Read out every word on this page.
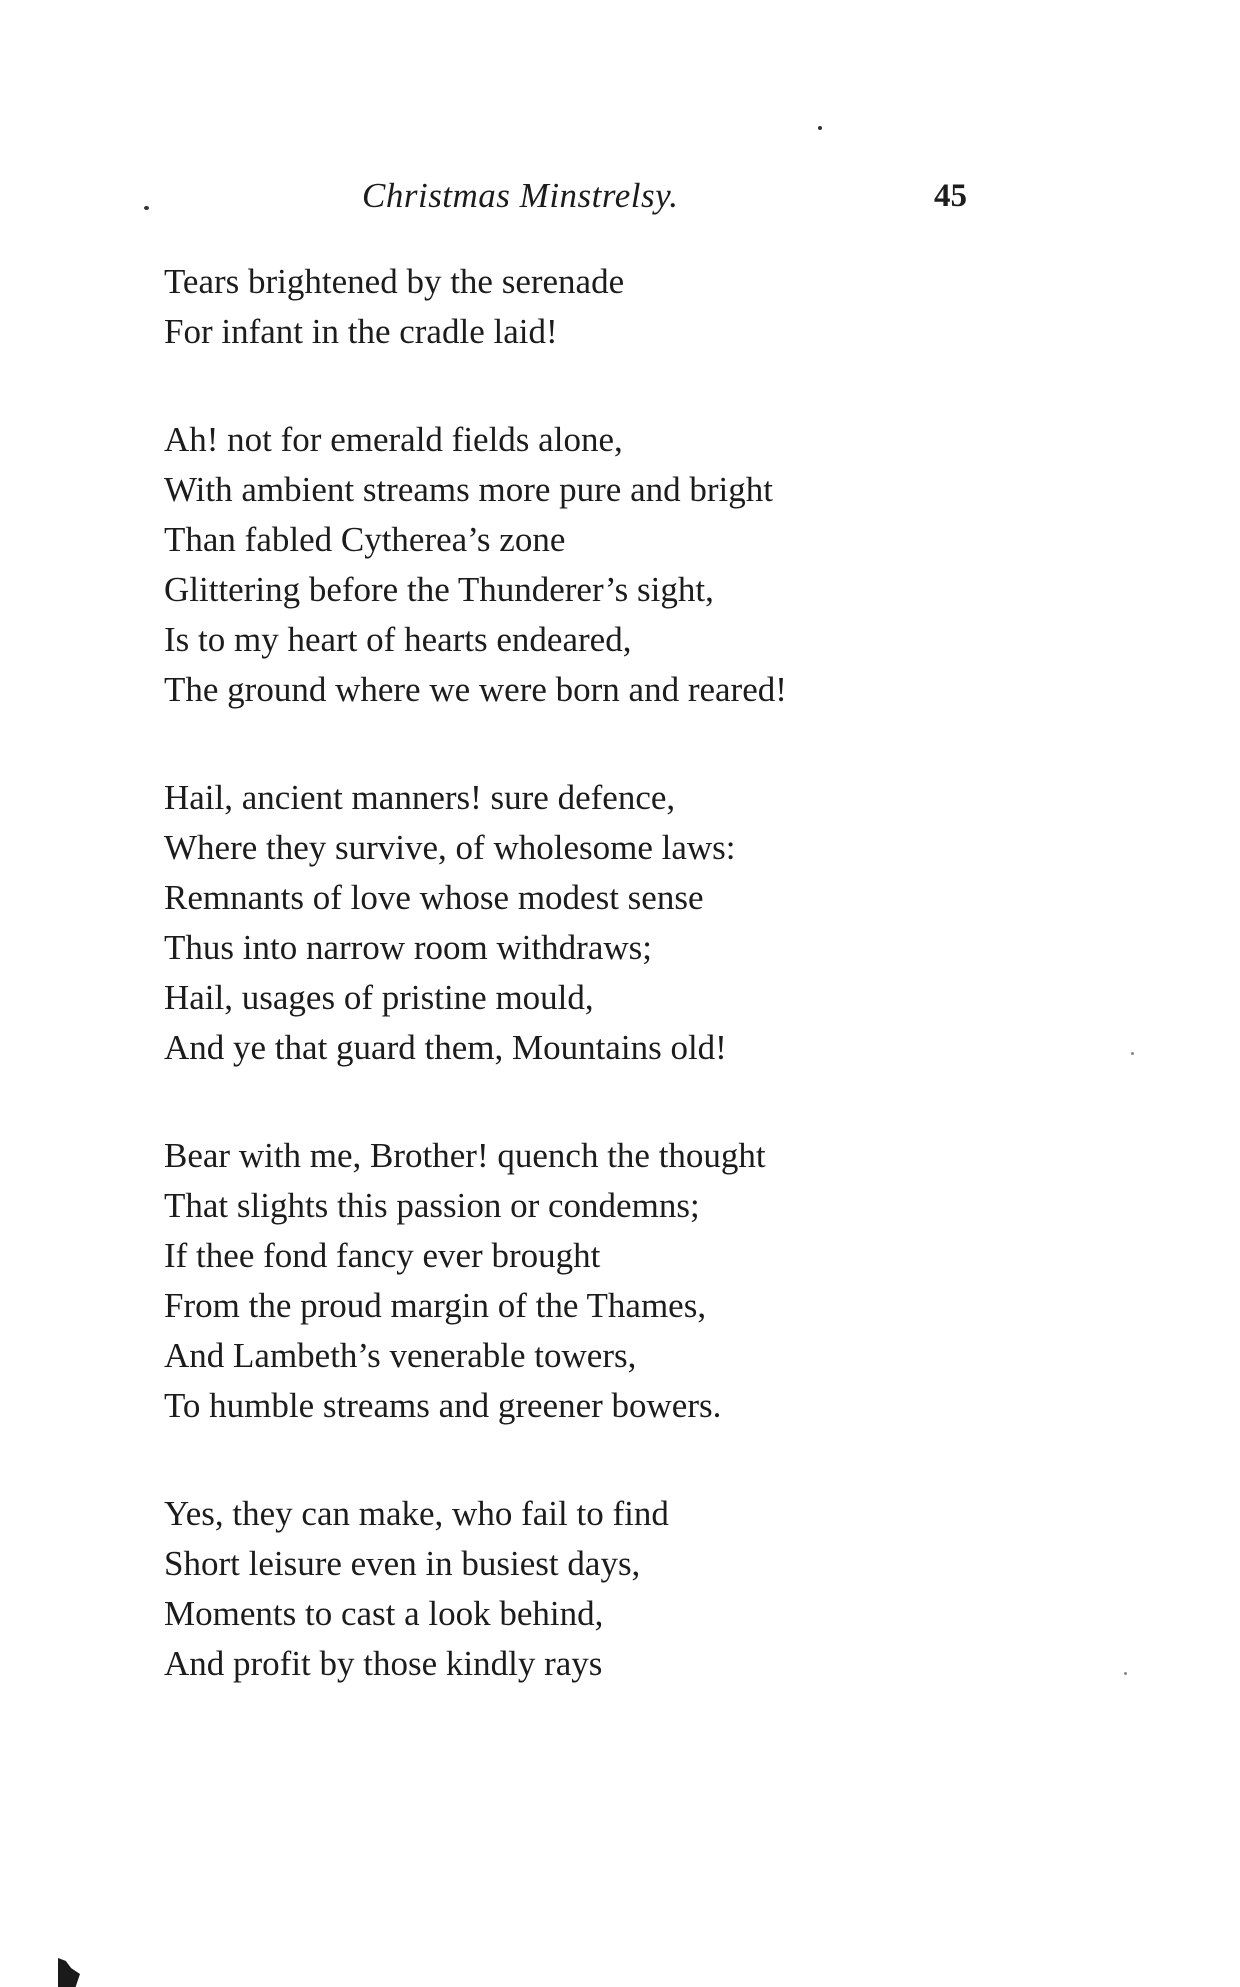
Christmas Minstrelsy.	45
Tears brightened by the serenade
For infant in the cradle laid!
Ah! not for emerald fields alone,
With ambient streams more pure and bright
Than fabled Cytherea’s zone
Glittering before the Thunderer’s sight,
Is to my heart of hearts endeared,
The ground where we were born and reared!
Hail, ancient manners! sure defence,
Where they survive, of wholesome laws:
Remnants of love whose modest sense
Thus into narrow room withdraws;
Hail, usages of pristine mould,
And ye that guard them, Mountains old!
Bear with me, Brother! quench the thought
That slights this passion or condemns;
If thee fond fancy ever brought
From the proud margin of the Thames,
And Lambeth’s venerable towers,
To humble streams and greener bowers.
Yes, they can make, who fail to find
Short leisure even in busiest days,
Moments to cast a look behind,
And profit by those kindly rays
